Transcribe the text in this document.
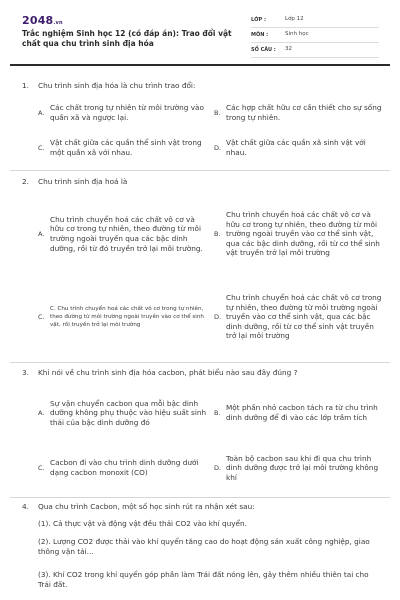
2048.vn
Trắc nghiệm Sinh học 12 (có đáp án): Trao đổi vật chất qua chu trình sinh địa hóa
LỚP :	Lớp 12
MÔN :	Sinh học
SỐ CÂU :	32
1. Chu trình sinh địa hóa là chu trình trao đổi:
A.
Các chất trong tự nhiên từ môi trường vào quần xã và ngược lại.
B.
Các hợp chất hữu cơ cần thiết cho sự sống trong tự nhiên.
C.
Vật chất giữa các quần thể sinh vật trong một quần xã với nhau.
D.
Vật chất giữa các quần xã sinh vật với nhau.
2. Chu trình sinh địa hoá là
A.
Chu trình chuyển hoá các chất vô cơ và hữu cơ trong tự nhiên, theo đường từ môi trường ngoài truyền qua các bậc dinh dưỡng, rồi từ đó truyền trở lại môi trường.
B.
Chu trình chuyển hoá các chất vô cơ và hữu cơ trong tự nhiên, theo đường từ môi trường ngoài truyền vào cơ thể sinh vật, qua các bậc dinh dưỡng, rồi từ cơ thể sinh vật truyền trở lại môi trường
C.
C. Chu trình chuyển hoá các chất vô cơ trong tự nhiên, theo đường từ môi trường ngoài truyền vào cơ thể sinh vật, rồi truyền trở lại môi trường
D.
Chu trình chuyển hoá các chất vô cơ trong tự nhiên, theo đường từ môi trường ngoài truyền vào cơ thể sinh vật, qua các bậc dinh dưỡng, rồi từ cơ thể sinh vật truyền trở lại môi trường
3. Khi nói về chu trình sinh địa hóa cacbon, phát biểu nào sau đây đúng ?
A.
Sự vận chuyển cacbon qua mỗi bậc dinh dưỡng không phụ thuộc vào hiệu suất sinh thái của bậc dinh dưỡng đó
B.
Một phần nhỏ cacbon tách ra từ chu trình dinh dưỡng để đi vào các lớp trầm tích
C.
Cacbon đi vào chu trình dinh dưỡng dưới dạng cacbon monoxit (CO)
D.
Toàn bộ cacbon sau khi đi qua chu trình dinh dưỡng được trở lại môi trường không khí
4. Qua chu trình Cacbon, một số học sinh rút ra nhận xét sau:
(1). Cả thực vật và động vật đều thải CO2 vào khí quyển.
(2). Lượng CO2 được thải vào khí quyển tăng cao do hoạt động sản xuất công nghiệp, giao thông vận tải…
(3). Khí CO2 trong khí quyển góp phần làm Trái đất nóng lên, gây thêm nhiều thiên tai cho Trái đất.
